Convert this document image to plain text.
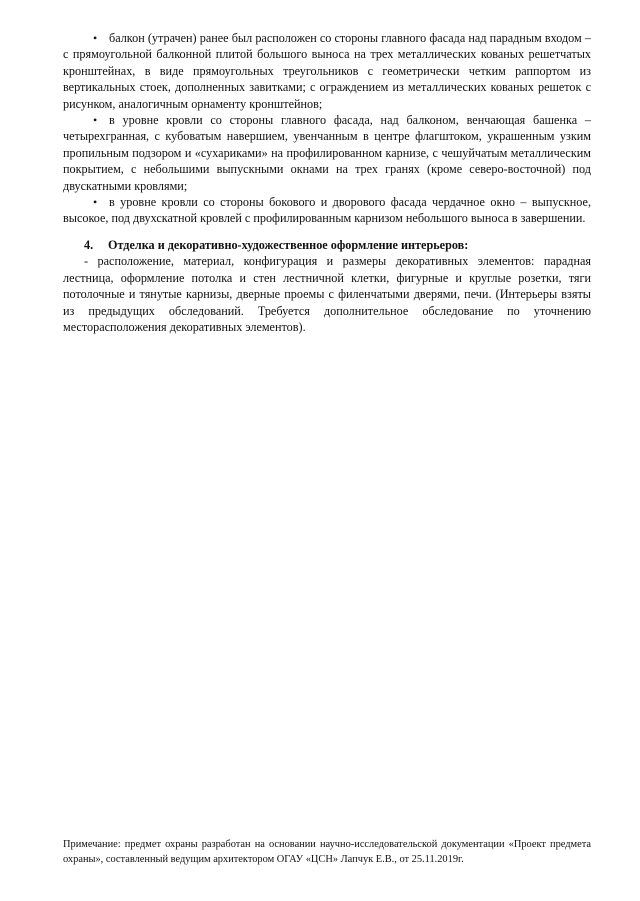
• балкон (утрачен) ранее был расположен со стороны главного фасада над парадным входом – с прямоугольной балконной плитой большого выноса на трех металлических кованых решетчатых кронштейнах, в виде прямоугольных треугольников с геометрически четким раппортом из вертикальных стоек, дополненных завитками; с ограждением из металлических кованых решеток с рисунком, аналогичным орнаменту кронштейнов;

• в уровне кровли со стороны главного фасада, над балконом, венчающая башенка – четырехгранная, с кубоватым навершием, увенчанным в центре флагштоком, украшенным узким пропильным подзором и «сухариками» на профилированном карнизе, с чешуйчатым металлическим покрытием, с небольшими выпускными окнами на трех гранях (кроме северо-восточной) под двускатными кровлями;

• в уровне кровли со стороны бокового и дворового фасада чердачное окно – выпускное, высокое, под двухскатной кровлей с профилированным карнизом небольшого выноса в завершении.

4. Отделка и декоративно-художественное оформление интерьеров:

- расположение, материал, конфигурация и размеры декоративных элементов: парадная лестница, оформление потолка и стен лестничной клетки, фигурные и круглые розетки, тяги потолочные и тянутые карнизы, дверные проемы с филенчатыми дверями, печи. (Интерьеры взяты из предыдущих обследований. Требуется дополнительное обследование по уточнению месторасположения декоративных элементов).

Примечание: предмет охраны разработан на основании научно-исследовательской документации «Проект предмета охраны», составленный ведущим архитектором ОГАУ «ЦСН» Лапчук Е.В., от 25.11.2019г.
